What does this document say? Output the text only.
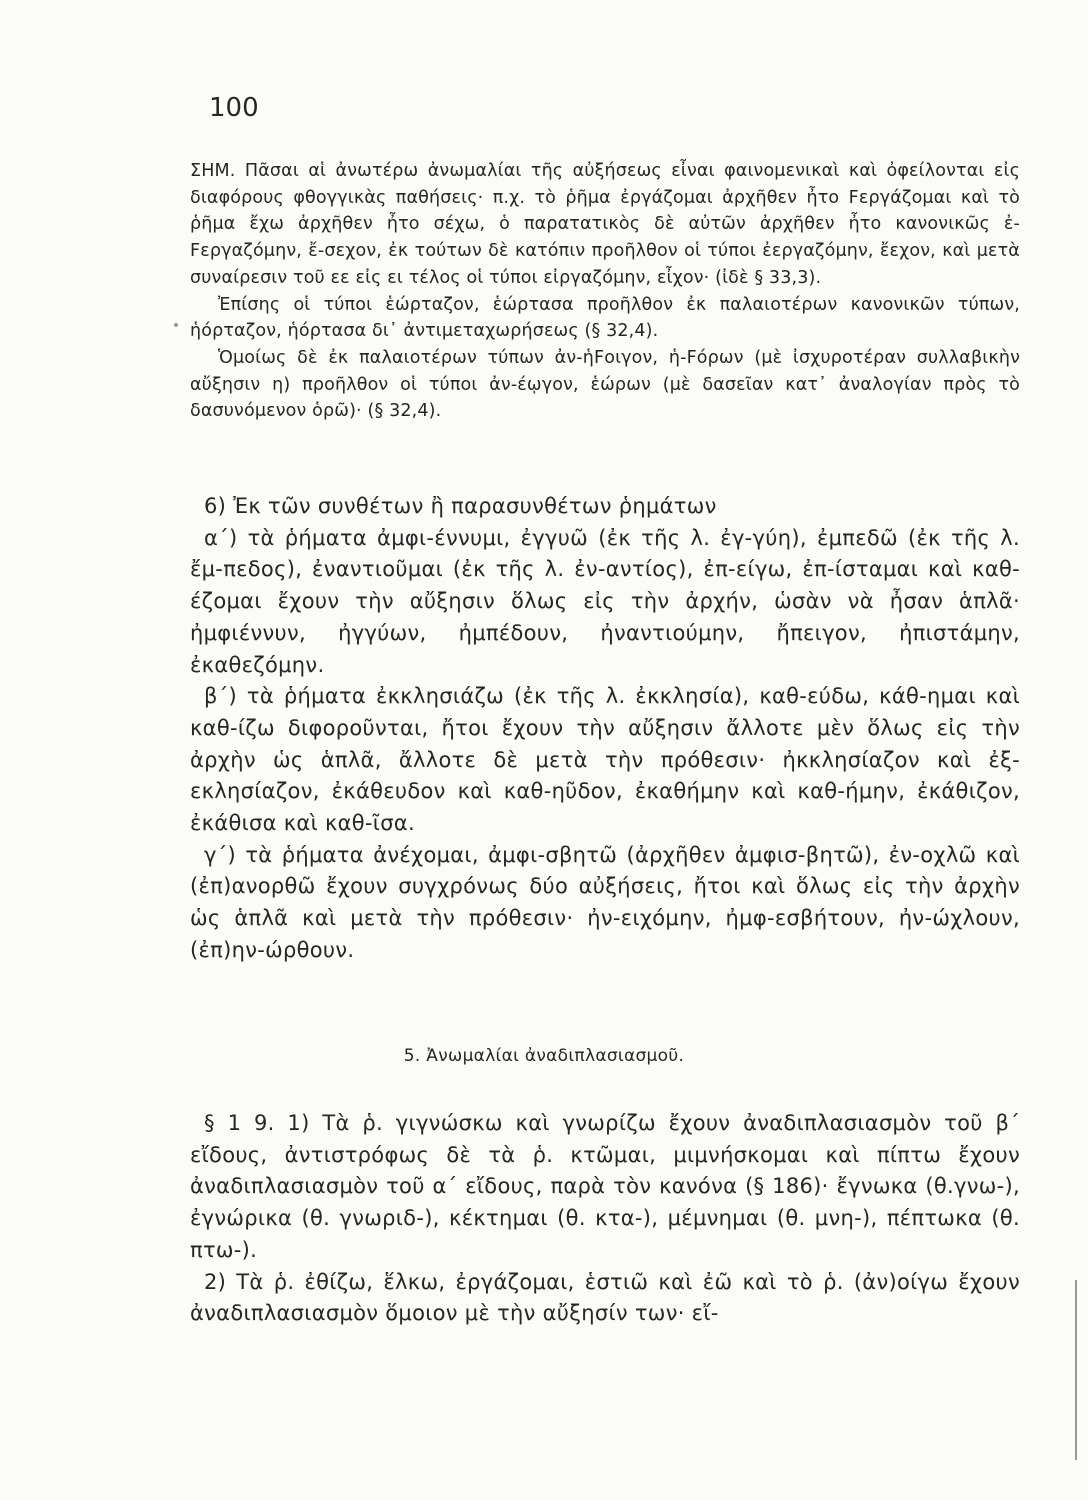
100

ΣΗΜ. Πᾶσαι αἱ ἀνωτέρω ἀνωμαλίαι τῆς αὐξήσεως εἶναι φαινομενικαὶ καὶ ὀφείλονται εἰς διαφόρους φθογγικὰς παθήσεις· π.χ. τὸ ῥῆμα ἐργάζομαι ἀρχῆθεν ἦτο Fεργάζομαι καὶ τὸ ῥῆμα ἔχω ἀρχῆθεν ἦτο σέχω, ὁ παρατατικὸς δὲ αὐτῶν ἀρχῆθεν ἦτο κανονικῶς ἐ-Fεργαζόμην, ἔ-σεχον, ἐκ τούτων δὲ κατόπιν προῆλθον οἱ τύποι ἐεργαζόμην, ἔεχον, καὶ μετὰ συναίρεσιν τοῦ εε εἰς ει τέλος οἱ τύποι εἰργαζόμην, εἶχον· (ἰδὲ § 33,3).

Ἐπίσης οἱ τύποι ἑώρταζον, ἑώρτασα προῆλθον ἐκ παλαιοτέρων κανονικῶν τύπων, ἡόρταζον, ἡόρτασα δι᾽ ἀντιμεταχωρήσεως (§ 32,4).

Ὁμοίως δὲ ἐκ παλαιοτέρων τύπων ἀν-ἡFοιγον, ἡ-Fόρων (μὲ ἰσχυροτέραν συλλαβικὴν αὔξησιν η) προῆλθον οἱ τύποι ἀν-έῳγον, ἑώρων (μὲ δασεῖαν κατ᾽ ἀναλογίαν πρὸς τὸ δασυνόμενον ὁρῶ)· (§ 32,4).

6) Ἐκ τῶν συνθέτων ἢ παρασυνθέτων ῥημάτων

α΄) τὰ ῥήματα ἀμφι-έννυμι, ἐγγυῶ (ἐκ τῆς λ. ἐγ-γύη), ἐμπεδῶ (ἐκ τῆς λ. ἔμ-πεδος), ἐναντιοῦμαι (ἐκ τῆς λ. ἐν-αντίος), ἐπ-είγω, ἐπ-ίσταμαι καὶ καθ-έζομαι ἔχουν τὴν αὔξησιν ὅλως εἰς τὴν ἀρχήν, ὡσὰν νὰ ἦσαν ἁπλᾶ· ἠμφιέννυν, ἠγγύων, ἠμπέδουν, ἠναντιούμην, ἤπειγον, ἠπιστάμην, ἐκαθεζόμην.

β΄) τὰ ῥήματα ἐκκλησιάζω (ἐκ τῆς λ. ἐκκλησία), καθ-εύδω, κάθ-ημαι καὶ καθ-ίζω διφοροῦνται, ἤτοι ἔχουν τὴν αὔξησιν ἄλλοτε μὲν ὅλως εἰς τὴν ἀρχὴν ὡς ἁπλᾶ, ἄλλοτε δὲ μετὰ τὴν πρόθεσιν· ἠκκλησίαζον καὶ ἐξ-εκλησίαζον, ἐκάθευδον καὶ καθ-ηῦδον, ἐκαθήμην καὶ καθ-ήμην, ἐκάθιζον, ἐκάθισα καὶ καθ-ῖσα.

γ΄) τὰ ῥήματα ἀνέχομαι, ἀμφι-σβητῶ (ἀρχῆθεν ἀμφισ-βητῶ), ἐν-οχλῶ καὶ (ἐπ)ανορθῶ ἔχουν συγχρόνως δύο αὐξήσεις, ἤτοι καὶ ὅλως εἰς τὴν ἀρχὴν ὡς ἁπλᾶ καὶ μετὰ τὴν πρόθεσιν· ἠν-ειχόμην, ἠμφ-εσβήτουν, ἠν-ώχλουν, (ἐπ)ην-ώρθουν.

5. Ἀνωμαλίαι ἀναδιπλασιασμοῦ.

§ 1 9. 1) Τὰ ῥ. γιγνώσκω καὶ γνωρίζω ἔχουν ἀναδιπλασιασμὸν τοῦ β΄ εἴδους, ἀντιστρόφως δὲ τὰ ῥ. κτῶμαι, μιμνήσκομαι καὶ πίπτω ἔχουν ἀναδιπλασιασμὸν τοῦ α΄ εἴδους, παρὰ τὸν κανόνα (§ 186)· ἔγνωκα (θ.γνω-), ἐγνώρικα (θ. γνωριδ-), κέκτημαι (θ. κτα-), μέμνημαι (θ. μνη-), πέπτωκα (θ. πτω-).

2) Τὰ ῥ. ἐθίζω, ἕλκω, ἐργάζομαι, ἑστιῶ καὶ ἐῶ καὶ τὸ ῥ. (ἀν)οίγω ἔχουν ἀναδιπλασιασμὸν ὅμοιον μὲ τὴν αὔξησίν των· εἴ-
